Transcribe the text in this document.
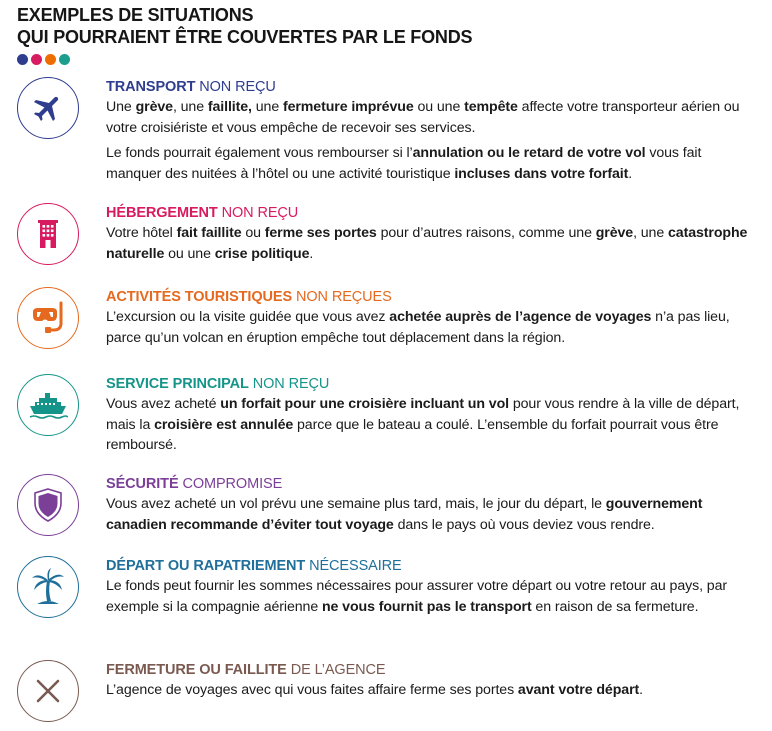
EXEMPLES DE SITUATIONS
QUI POURRAIENT ÊTRE COUVERTES PAR LE FONDS

TRANSPORT NON REÇU

Une grève, une faillite, une fermeture imprévue ou une tempête affecte votre transporteur aérien ou votre croisiériste et vous empêche de recevoir ses services.

Le fonds pourrait également vous rembourser si l’annulation ou le retard de votre vol vous fait manquer des nuitées à l’hôtel ou une activité touristique incluses dans votre forfait.

HÉBERGEMENT NON REÇU

Votre hôtel fait faillite ou ferme ses portes pour d’autres raisons, comme une grève, une catastrophe naturelle ou une crise politique.

ACTIVITÉS TOURISTIQUES NON REÇUES

L’excursion ou la visite guidée que vous avez achetée auprès de l’agence de voyages n’a pas lieu, parce qu’un volcan en éruption empêche tout déplacement dans la région.

SERVICE PRINCIPAL NON REÇU

Vous avez acheté un forfait pour une croisière incluant un vol pour vous rendre à la ville de départ, mais la croisière est annulée parce que le bateau a coulé. L’ensemble du forfait pourrait vous être remboursé.

SÉCURITÉ COMPROMISE

Vous avez acheté un vol prévu une semaine plus tard, mais, le jour du départ, le gouvernement canadien recommande d’éviter tout voyage dans le pays où vous deviez vous rendre.

DÉPART OU RAPATRIEMENT NÉCESSAIRE

Le fonds peut fournir les sommes nécessaires pour assurer votre départ ou votre retour au pays, par exemple si la compagnie aérienne ne vous fournit pas le transport en raison de sa fermeture.

FERMETURE OU FAILLITE DE L’AGENCE

L’agence de voyages avec qui vous faites affaire ferme ses portes avant votre départ.
